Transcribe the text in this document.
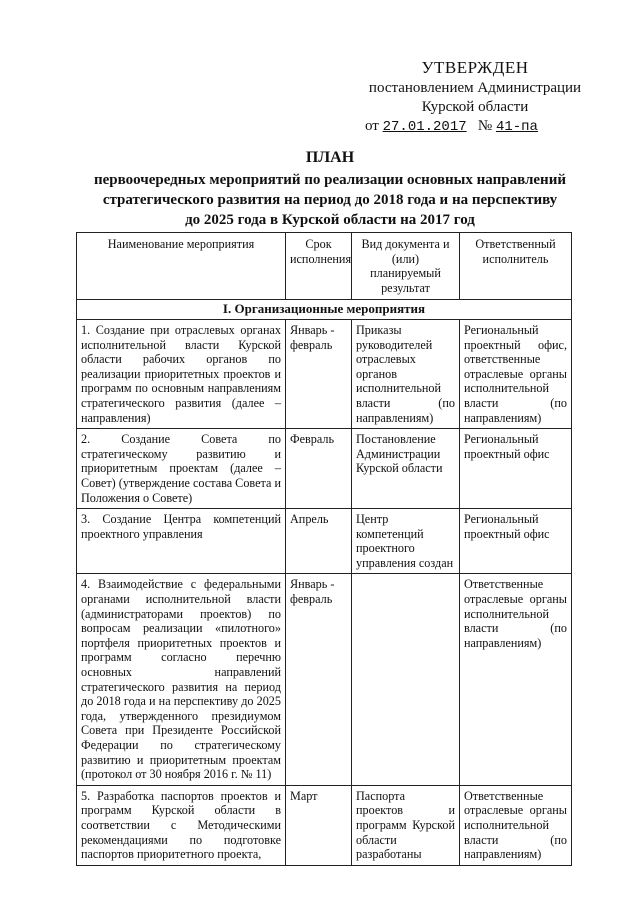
УТВЕРЖДЕН
постановлением Администрации
Курской области
от 27.01.2017 № 41-па
ПЛАН
первоочередных мероприятий по реализации основных направлений
стратегического развития на период до 2018 года и на перспективу
до 2025 года в Курской области на 2017 год
Наименование мероприятия	Срок исполнения	Вид документа и (или) планируемый результат	Ответственный исполнитель
I. Организационные мероприятия			
1. Создание при отраслевых органах исполнительной власти Курской области рабочих органов по реализации приоритетных проектов и программ по основным направлениям стратегического развития (далее – направления)	Январь - февраль	Приказы руководителей отраслевых органов исполнительной власти (по направлениям)	Региональный проектный офис, ответственные отраслевые органы исполнительной власти (по направлениям)
2. Создание Совета по стратегическому развитию и приоритетным проектам (далее – Совет) (утверждение состава Совета и Положения о Совете)	Февраль	Постановление Администрации Курской области	Региональный проектный офис
3. Создание Центра компетенций проектного управления	Апрель	Центр компетенций проектного управления создан	Региональный проектный офис
4. Взаимодействие с федеральными органами исполнительной власти (администраторами проектов) по вопросам реализации «пилотного» портфеля приоритетных проектов и программ согласно перечню основных направлений стратегического развития на период до 2018 года и на перспективу до 2025 года, утвержденного президиумом Совета при Президенте Российской Федерации по стратегическому развитию и приоритетным проектам (протокол от 30 ноября 2016 г. № 11)	Январь - февраль		Ответственные отраслевые органы исполнительной власти (по направлениям)
5. Разработка паспортов проектов и программ Курской области в соответствии с Методическими рекомендациями по подготовке паспортов приоритетного проекта,	Март	Паспорта проектов и программ Курской области разработаны	Ответственные отраслевые органы исполнительной власти (по направлениям)
